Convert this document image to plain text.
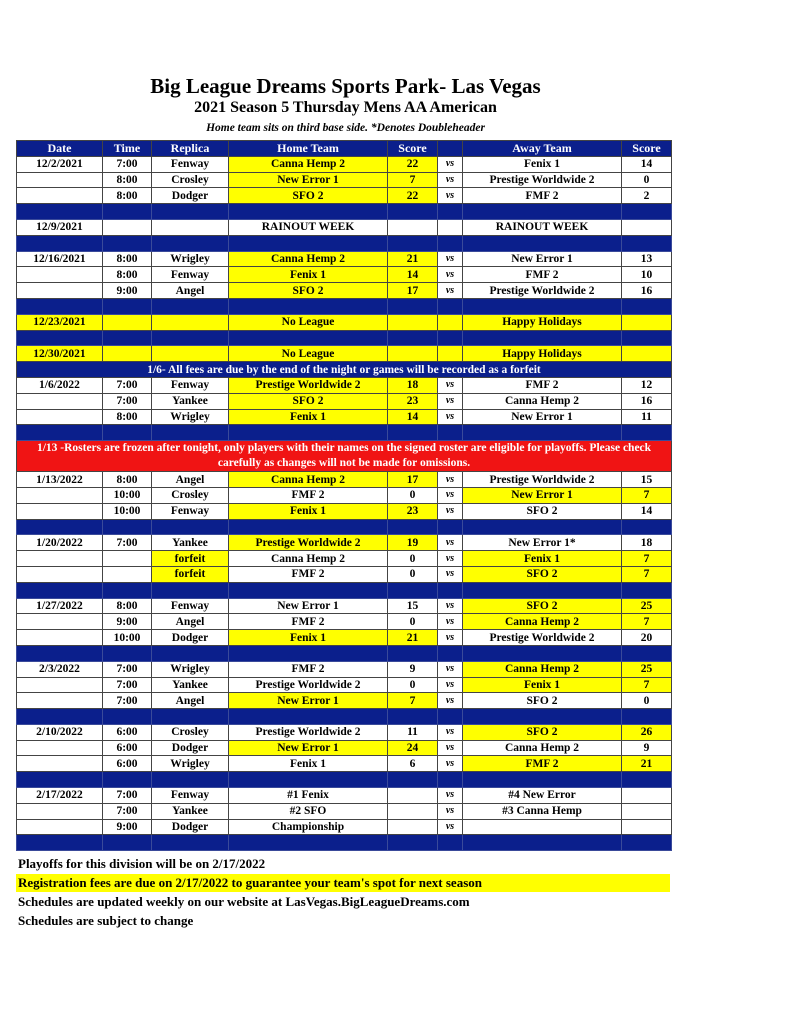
Big League Dreams Sports Park- Las Vegas
2021 Season 5 Thursday Mens AA American
Home team sits on third base side. *Denotes Doubleheader
Date	Time	Replica	Home Team	Score		Away Team	Score
12/2/2021	7:00	Fenway	Canna Hemp 2	22	vs	Fenix 1	14
	8:00	Crosley	New Error 1	7	vs	Prestige Worldwide 2	0
	8:00	Dodger	SFO 2	22	vs	FMF 2	2

12/9/2021			RAINOUT WEEK			RAINOUT WEEK	

12/16/2021	8:00	Wrigley	Canna Hemp 2	21	vs	New Error 1	13
	8:00	Fenway	Fenix 1	14	vs	FMF 2	10
	9:00	Angel	SFO 2	17	vs	Prestige Worldwide 2	16

12/23/2021			No League			Happy Holidays	

12/30/2021			No League			Happy Holidays	
1/6- All fees are due by the end of the night or games will be recorded as a forfeit							
1/6/2022	7:00	Fenway	Prestige Worldwide 2	18	vs	FMF 2	12
	7:00	Yankee	SFO 2	23	vs	Canna Hemp 2	16
	8:00	Wrigley	Fenix 1	14	vs	New Error 1	11

1/13 -Rosters are frozen after tonight, only players with their names on the signed roster are eligible for playoffs. Please check carefully as changes will not be made for omissions.							
1/13/2022	8:00	Angel	Canna Hemp 2	17	vs	Prestige Worldwide 2	15
	10:00	Crosley	FMF 2	0	vs	New Error 1	7
	10:00	Fenway	Fenix 1	23	vs	SFO 2	14

1/20/2022	7:00	Yankee	Prestige Worldwide 2	19	vs	New Error 1*	18
		forfeit	Canna Hemp 2	0	vs	Fenix 1	7
		forfeit	FMF 2	0	vs	SFO 2	7

1/27/2022	8:00	Fenway	New Error 1	15	vs	SFO 2	25
	9:00	Angel	FMF 2	0	vs	Canna Hemp 2	7
	10:00	Dodger	Fenix 1	21	vs	Prestige Worldwide 2	20

2/3/2022	7:00	Wrigley	FMF 2	9	vs	Canna Hemp 2	25
	7:00	Yankee	Prestige Worldwide 2	0	vs	Fenix 1	7
	7:00	Angel	New Error 1	7	vs	SFO 2	0

2/10/2022	6:00	Crosley	Prestige Worldwide 2	11	vs	SFO 2	26
	6:00	Dodger	New Error 1	24	vs	Canna Hemp 2	9
	6:00	Wrigley	Fenix 1	6	vs	FMF 2	21

2/17/2022	7:00	Fenway	#1 Fenix		vs	#4 New Error	
	7:00	Yankee	#2 SFO		vs	#3 Canna Hemp	
	9:00	Dodger	Championship		vs		

Playoffs for this division will be on 2/17/2022
Registration fees are due on 2/17/2022 to guarantee your team's spot for next season
Schedules are updated weekly on our website at LasVegas.BigLeagueDreams.com
Schedules are subject to change
